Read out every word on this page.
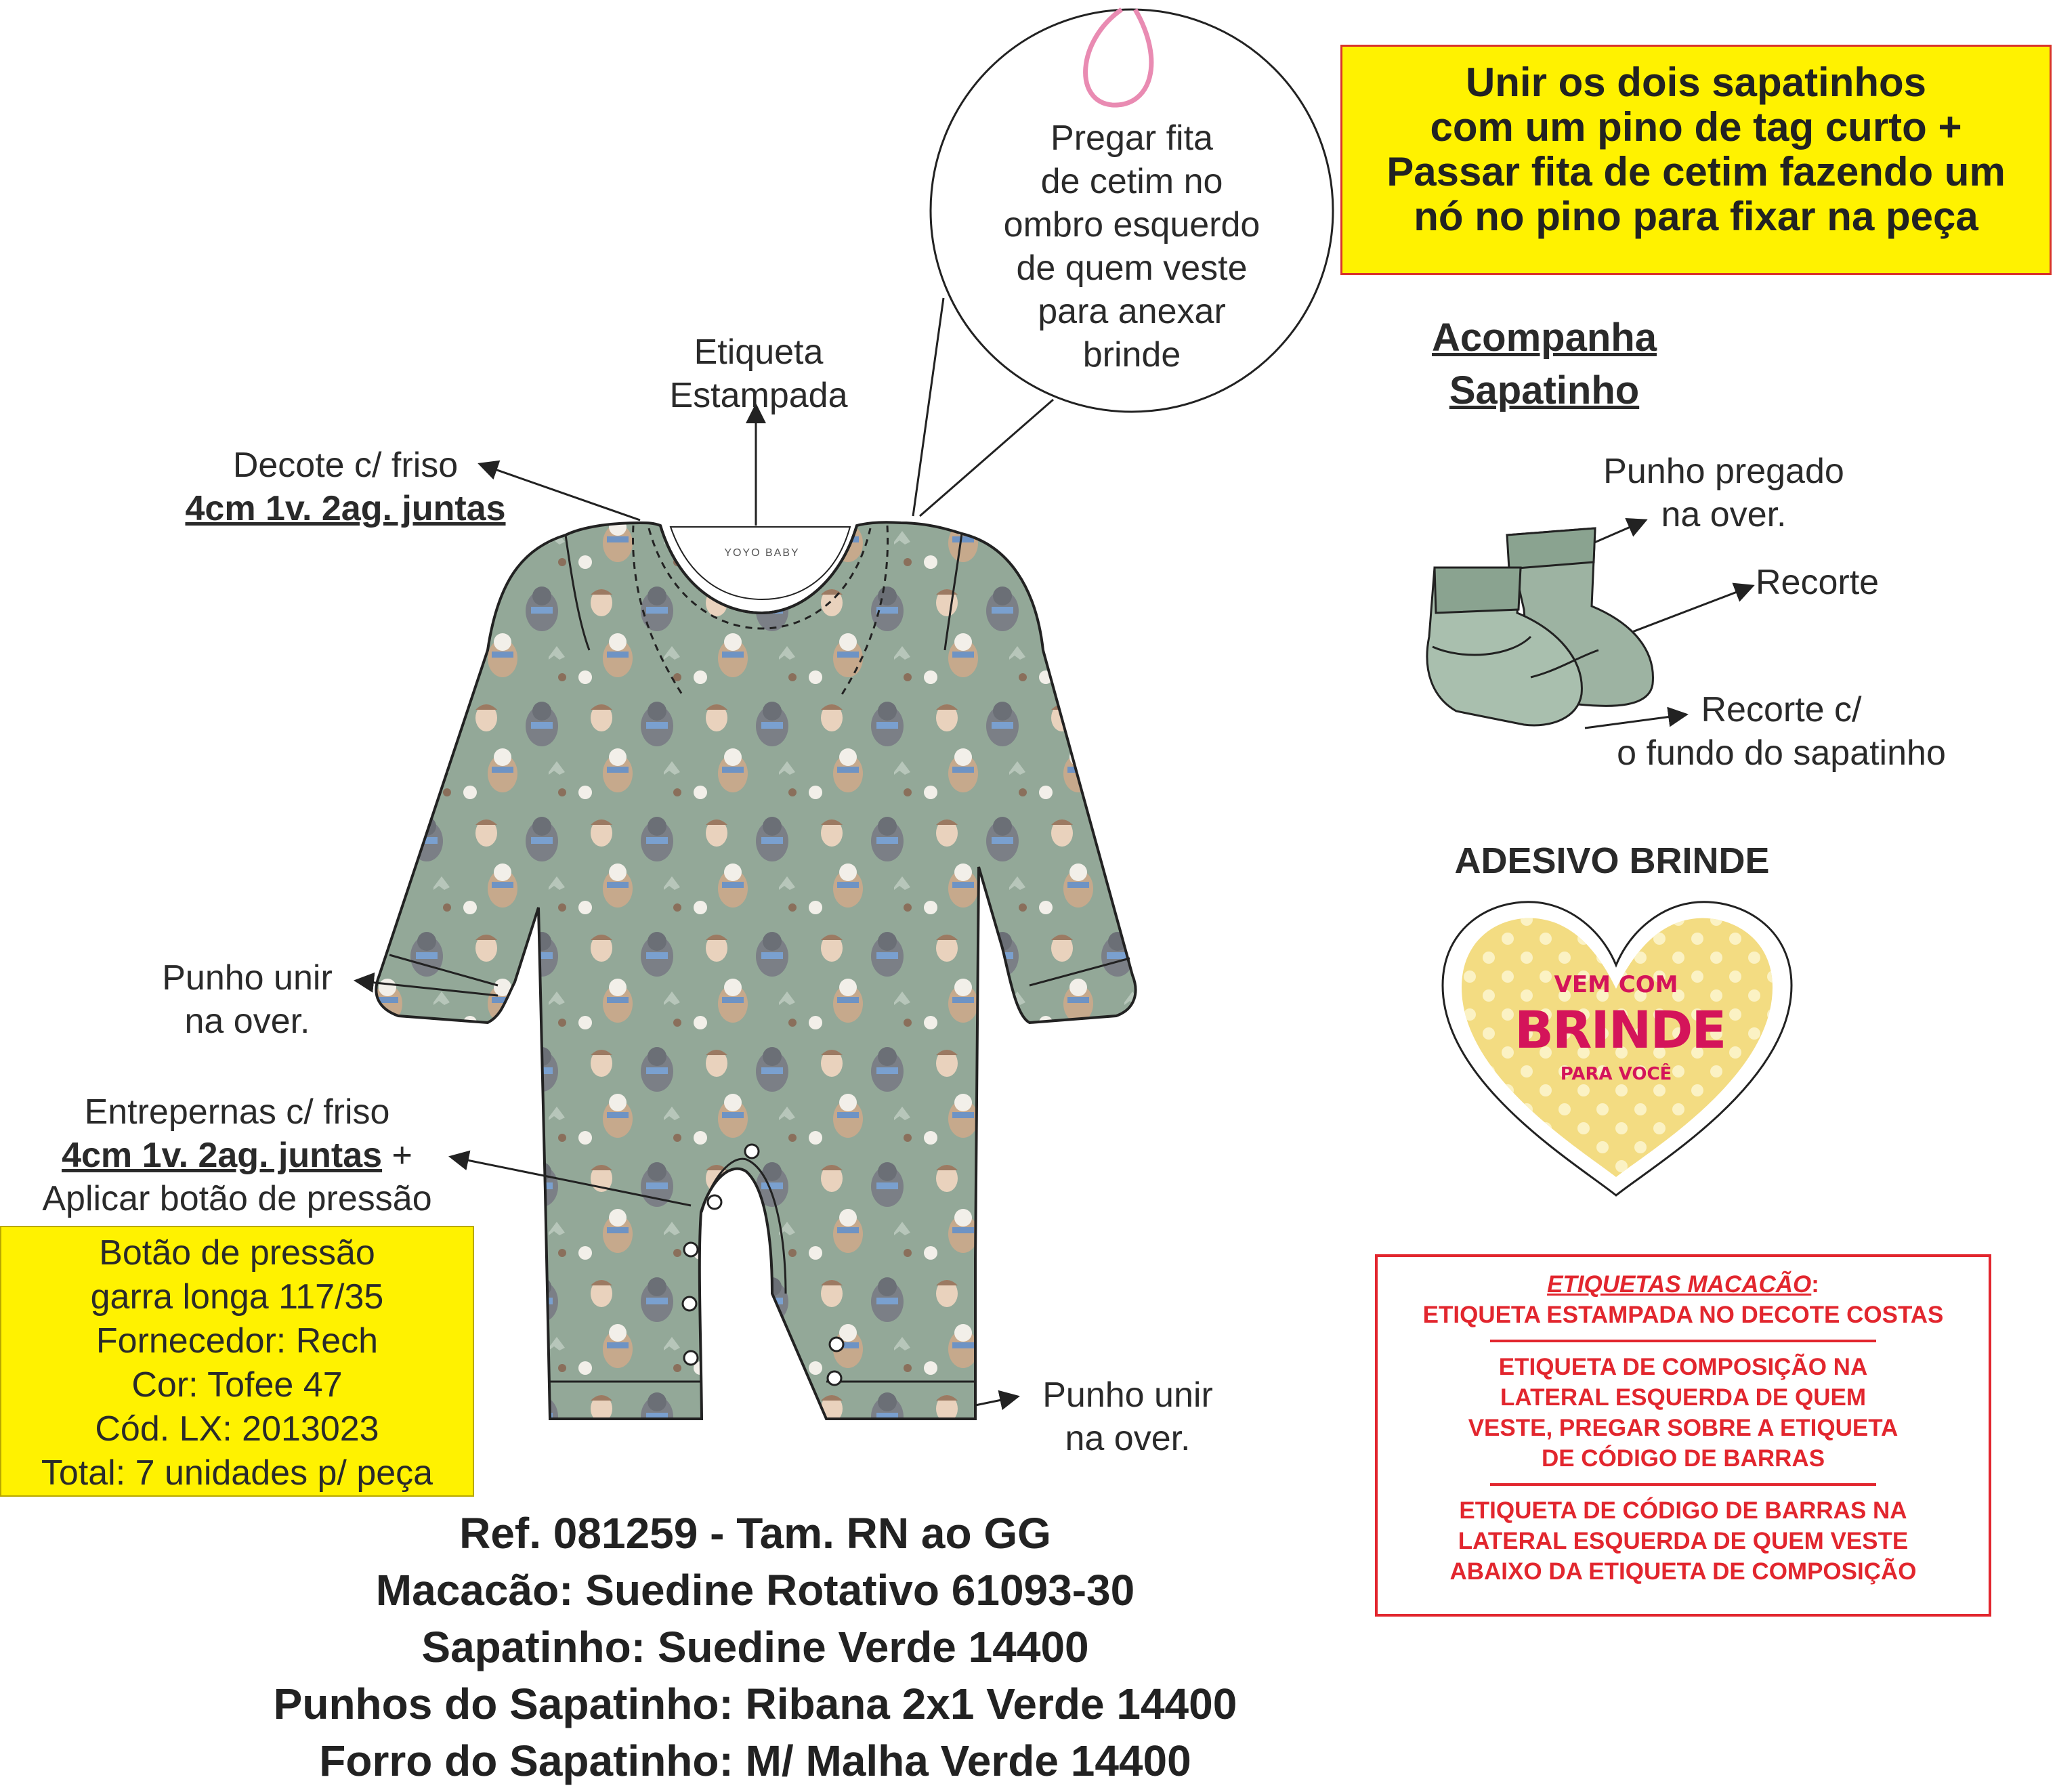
Unir os dois sapatinhos
com um pino de tag curto +
Passar fita de cetim fazendo um
nó no pino para fixar na peça
Pregar fita
de cetim no
ombro esquerdo
de quem veste
para anexar
brinde
Etiqueta
Estampada
Decote c/ friso
4cm 1v. 2ag. juntas
YOYO BABY
Punho unir
na over.
Entrepernas c/ friso
4cm 1v. 2ag. juntas +
Aplicar botão de pressão
Botão de pressão
garra longa 117/35
Fornecedor: Rech
Cor: Tofee 47
Cód. LX: 2013023
Total: 7 unidades p/ peça
Punho unir
na over.
Acompanha
Sapatinho
Punho pregado
na over.
Recorte
Recorte c/
o fundo do sapatinho
ADESIVO BRINDE
VEM COM
BRINDE
PARA VOCÊ
ETIQUETAS MACACÃO:
ETIQUETA ESTAMPADA NO DECOTE COSTAS
ETIQUETA DE COMPOSIÇÃO NA
LATERAL ESQUERDA DE QUEM
VESTE, PREGAR SOBRE A ETIQUETA
DE CÓDIGO DE BARRAS
ETIQUETA DE CÓDIGO DE BARRAS NA
LATERAL ESQUERDA DE QUEM VESTE
ABAIXO DA ETIQUETA DE COMPOSIÇÃO
Ref. 081259 - Tam. RN ao GG
Macacão: Suedine Rotativo 61093-30
Sapatinho: Suedine Verde 14400
Punhos do Sapatinho: Ribana 2x1 Verde 14400
Forro do Sapatinho: M/ Malha Verde 14400
